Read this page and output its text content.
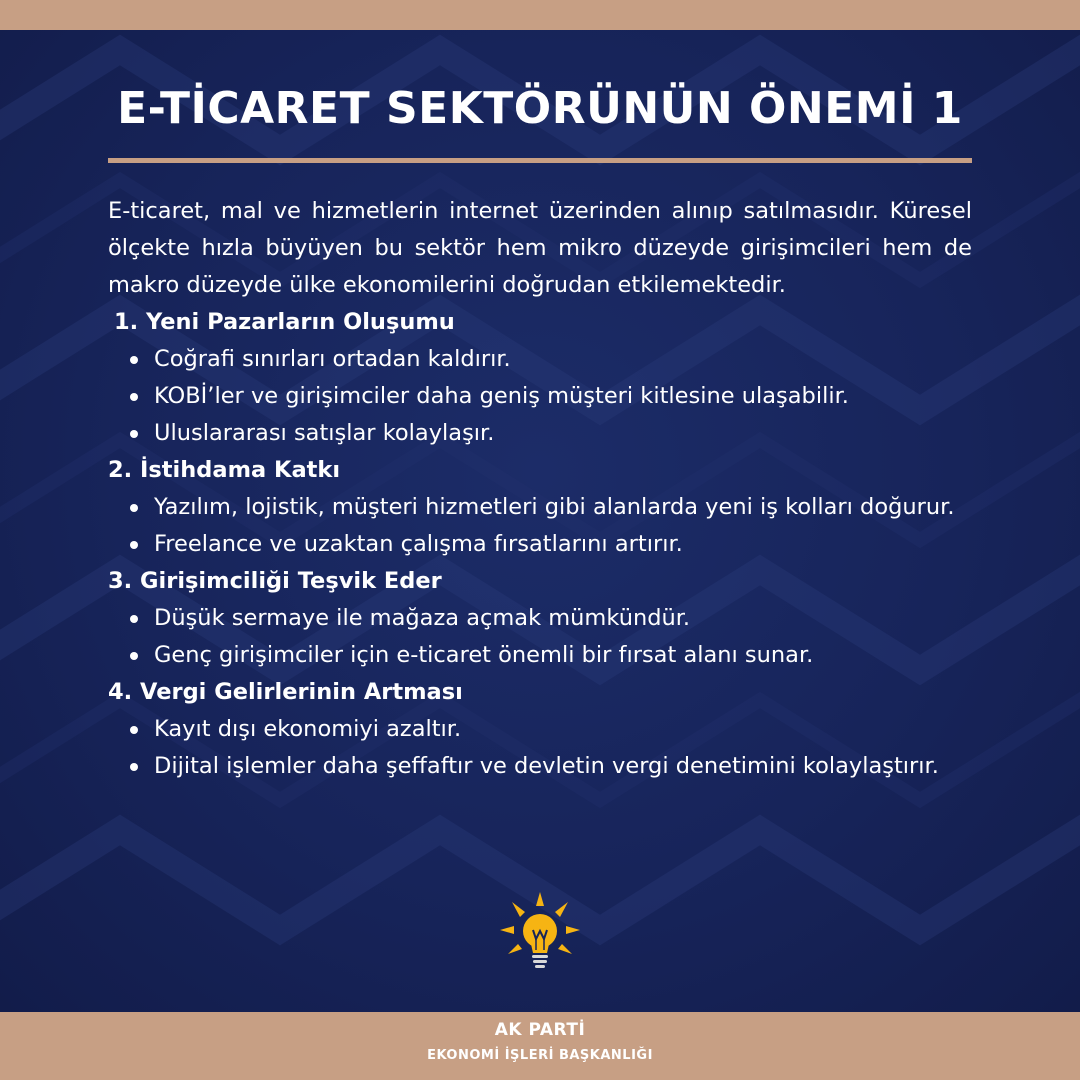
E-TİCARET SEKTÖRÜNÜN ÖNEMİ 1

E-ticaret, mal ve hizmetlerin internet üzerinden alınıp satılmasıdır. Küresel ölçekte hızla büyüyen bu sektör hem mikro düzeyde girişimcileri hem de makro düzeyde ülke ekonomilerini doğrudan etkilemektedir.

1. Yeni Pazarların Oluşumu
Coğrafi sınırları ortadan kaldırır.
KOBİ’ler ve girişimciler daha geniş müşteri kitlesine ulaşabilir.
Uluslararası satışlar kolaylaşır.
2. İstihdama Katkı
Yazılım, lojistik, müşteri hizmetleri gibi alanlarda yeni iş kolları doğurur.
Freelance ve uzaktan çalışma fırsatlarını artırır.
3. Girişimciliği Teşvik Eder
Düşük sermaye ile mağaza açmak mümkündür.
Genç girişimciler için e-ticaret önemli bir fırsat alanı sunar.
4. Vergi Gelirlerinin Artması
Kayıt dışı ekonomiyi azaltır.
Dijital işlemler daha şeffaftır ve devletin vergi denetimini kolaylaştırır.
AK PARTİ
EKONOMİ İŞLERİ BAŞKANLIĞI
